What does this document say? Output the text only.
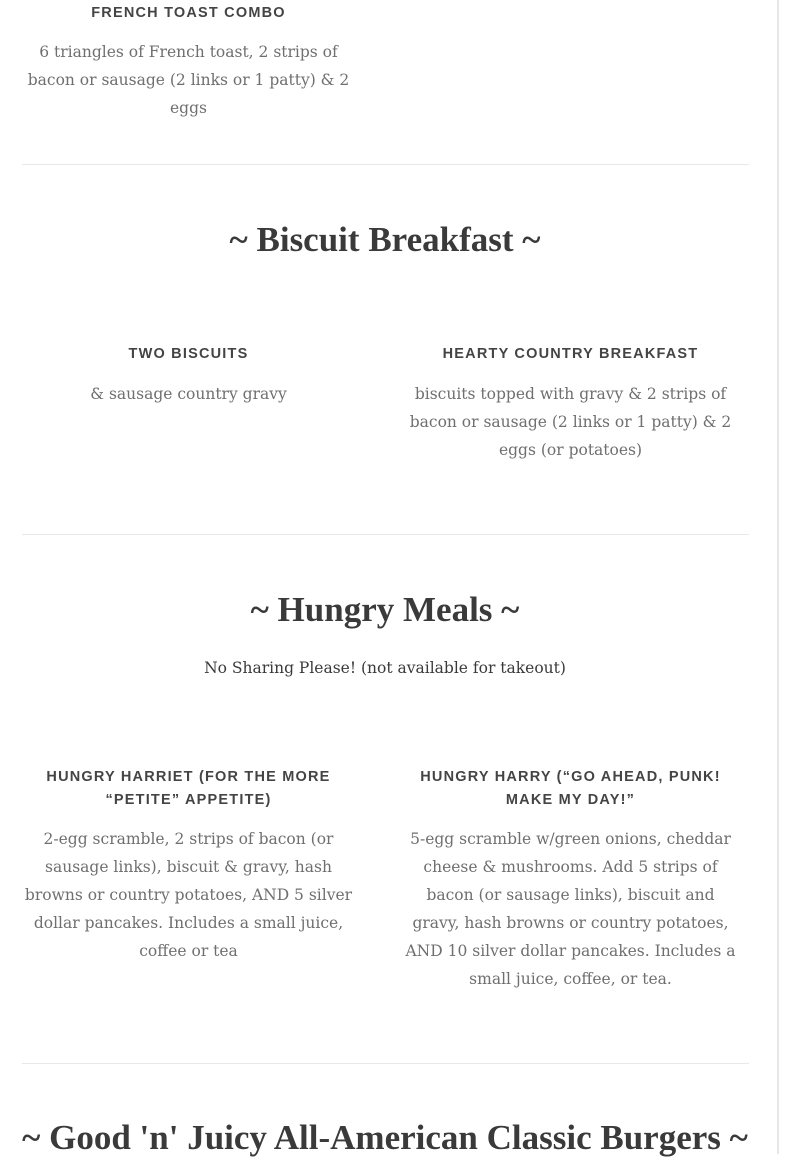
FRENCH TOAST COMBO

6 triangles of French toast, 2 strips of bacon or sausage (2 links or 1 patty) & 2 eggs

~ Biscuit Breakfast ~
TWO BISCUITS

& sausage country gravy

HEARTY COUNTRY BREAKFAST

biscuits topped with gravy & 2 strips of bacon or sausage (2 links or 1 patty) & 2 eggs (or potatoes)

~ Hungry Meals ~

No Sharing Please! (not available for takeout)

HUNGRY HARRIET (FOR THE MORE “PETITE” APPETITE)

2-egg scramble, 2 strips of bacon (or sausage links), biscuit & gravy, hash browns or country potatoes, AND 5 silver dollar pancakes. Includes a small juice, coffee or tea

HUNGRY HARRY (“GO AHEAD, PUNK! MAKE MY DAY!”

5-egg scramble w/green onions, cheddar cheese & mushrooms. Add 5 strips of bacon (or sausage links), biscuit and gravy, hash browns or country potatoes, AND 10 silver dollar pancakes. Includes a small juice, coffee, or tea.

~ Good 'n' Juicy All-American Classic Burgers ~
